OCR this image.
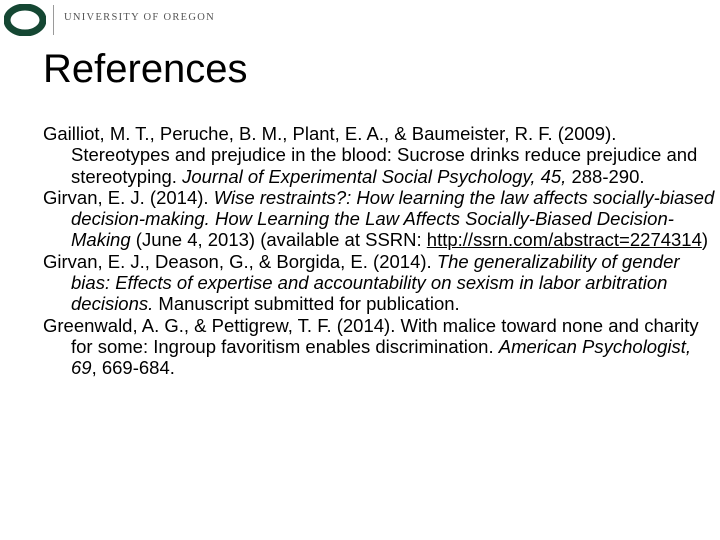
UNIVERSITY OF OREGON
References

Gailliot, M. T., Peruche, B. M., Plant, E. A., & Baumeister, R. F. (2009). Stereotypes and prejudice in the blood: Sucrose drinks reduce prejudice and stereotyping. Journal of Experimental Social Psychology, 45, 288-290.

Girvan, E. J. (2014). Wise restraints?: How learning the law affects socially-biased decision-making. How Learning the Law Affects Socially-Biased Decision-Making (June 4, 2013) (available at SSRN: http://ssrn.com/abstract=2274314)

Girvan, E. J., Deason, G., & Borgida, E. (2014). The generalizability of gender bias: Effects of expertise and accountability on sexism in labor arbitration decisions. Manuscript submitted for publication.

Greenwald, A. G., & Pettigrew, T. F. (2014). With malice toward none and charity for some: Ingroup favoritism enables discrimination. American Psychologist, 69, 669-684.
